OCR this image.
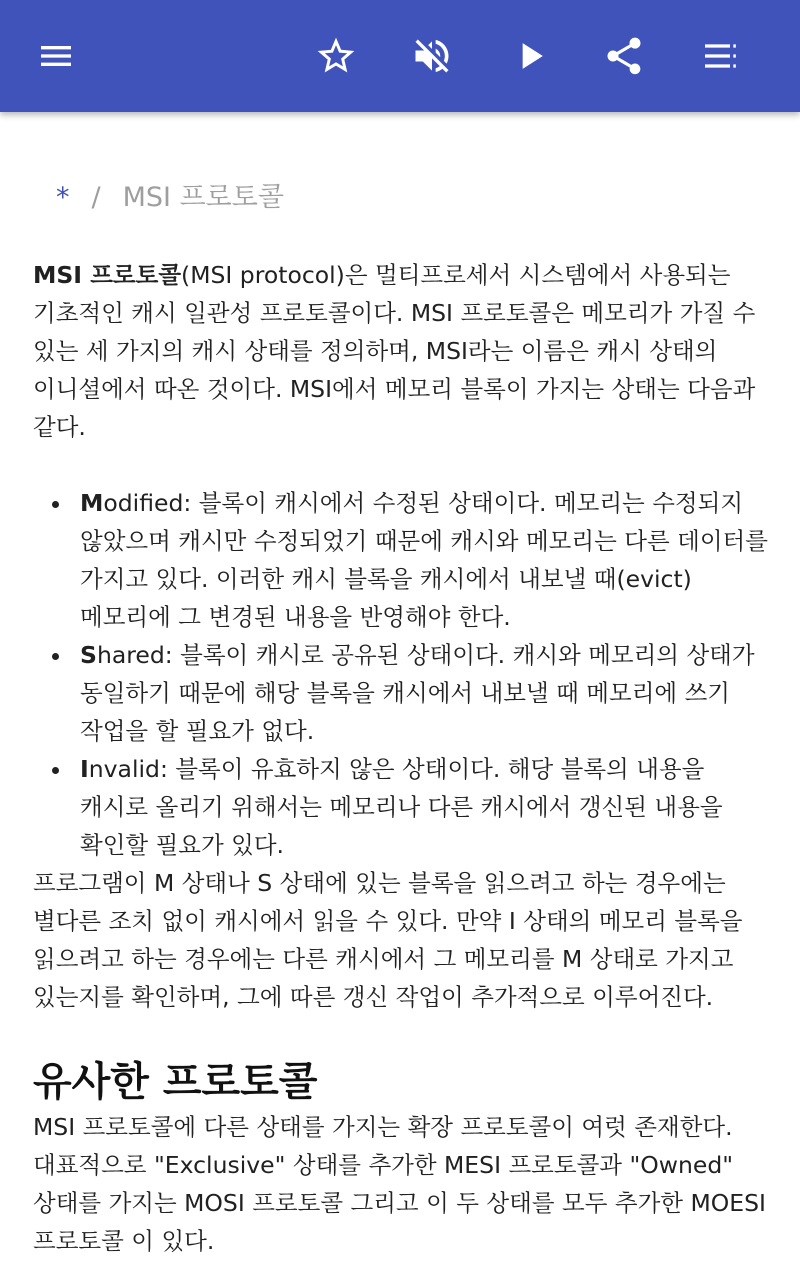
* / MSI 프로토콜

MSI 프로토콜(MSI protocol)은 멀티프로세서 시스템에서 사용되는 기초적인 캐시 일관성 프로토콜이다. MSI 프로토콜은 메모리가 가질 수 있는 세 가지의 캐시 상태를 정의하며, MSI라는 이름은 캐시 상태의 이니셜에서 따온 것이다. MSI에서 메모리 블록이 가지는 상태는 다음과 같다.

Modified: 블록이 캐시에서 수정된 상태이다. 메모리는 수정되지 않았으며 캐시만 수정되었기 때문에 캐시와 메모리는 다른 데이터를 가지고 있다. 이러한 캐시 블록을 캐시에서 내보낼 때(evict) 메모리에 그 변경된 내용을 반영해야 한다.
Shared: 블록이 캐시로 공유된 상태이다. 캐시와 메모리의 상태가 동일하기 때문에 해당 블록을 캐시에서 내보낼 때 메모리에 쓰기 작업을 할 필요가 없다.
Invalid: 블록이 유효하지 않은 상태이다. 해당 블록의 내용을 캐시로 올리기 위해서는 메모리나 다른 캐시에서 갱신된 내용을 확인할 필요가 있다.

프로그램이 M 상태나 S 상태에 있는 블록을 읽으려고 하는 경우에는 별다른 조치 없이 캐시에서 읽을 수 있다. 만약 I 상태의 메모리 블록을 읽으려고 하는 경우에는 다른 캐시에서 그 메모리를 M 상태로 가지고 있는지를 확인하며, 그에 따른 갱신 작업이 추가적으로 이루어진다.

유사한 프로토콜

MSI 프로토콜에 다른 상태를 가지는 확장 프로토콜이 여럿 존재한다. 대표적으로 "Exclusive" 상태를 추가한 MESI 프로토콜과 "Owned" 상태를 가지는 MOSI 프로토콜 그리고 이 두 상태를 모두 추가한 MOESI 프로토콜 이 있다.
